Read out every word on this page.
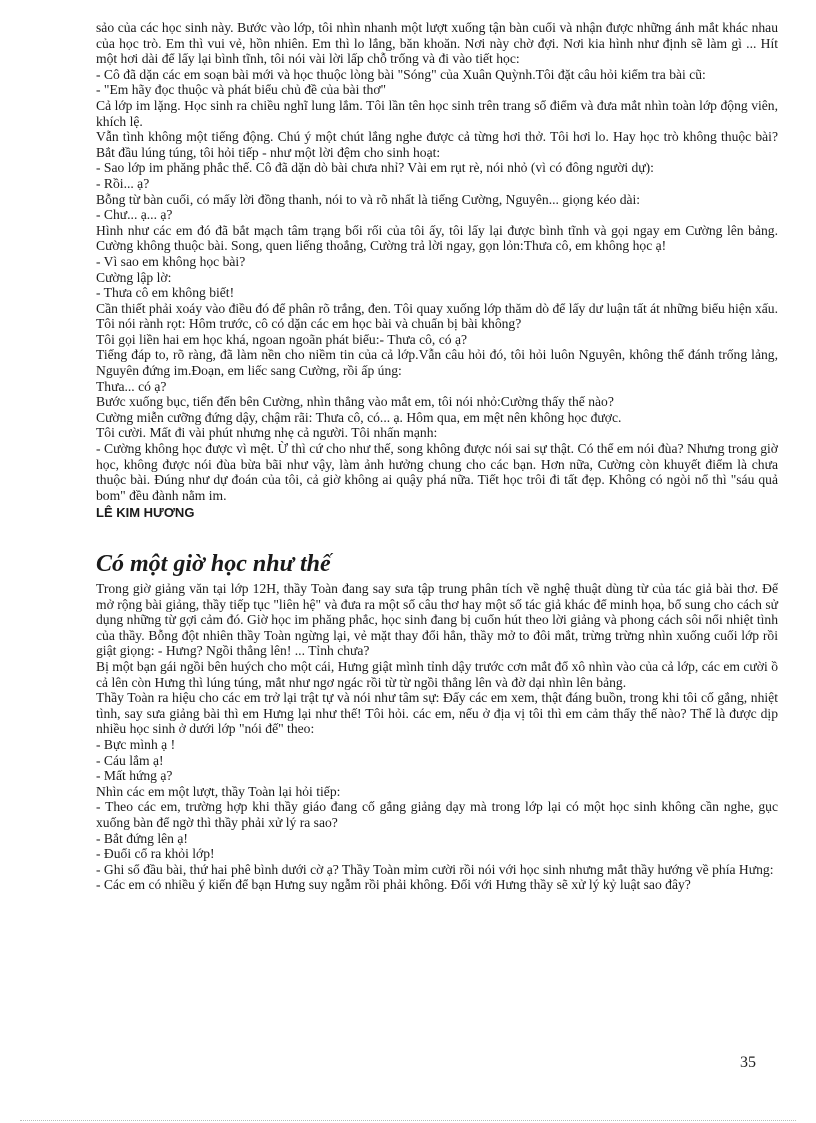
sảo của các học sinh này. Bước vào lớp, tôi nhìn nhanh một lượt xuống tận bàn cuối và nhận được những ánh mắt khác nhau của học trò. Em thì vui vẻ, hồn nhiên. Em thì lo lắng, băn khoăn. Nơi này chờ đợi. Nơi kia hình như định sẽ làm gì ... Hít một hơi dài để lấy lại bình tĩnh, tôi nói vài lời lấp chỗ trống và đi vào tiết học:

- Cô đã dặn các em soạn bài mới và học thuộc lòng bài "Sóng" của Xuân Quỳnh.Tôi đặt câu hỏi kiểm tra bài cũ:

- "Em hãy đọc thuộc và phát biểu chủ đề của bài thơ"

Cả lớp im lặng. Học sinh ra chiều nghĩ lung lắm. Tôi lần tên học sinh trên trang sổ điểm và đưa mắt nhìn toàn lớp động viên, khích lệ.

Vẫn tình không một tiếng động. Chú ý một chút lắng nghe được cả từng hơi thở. Tôi hơi lo. Hay học trò không thuộc bài? Bắt đầu lúng túng, tôi hỏi tiếp - như một lời đệm cho sinh hoạt:

- Sao lớp im phăng phắc thế. Cô đã dặn dò bài chưa nhỉ? Vài em rụt rè, nói nhỏ (vì có đông người dự):

- Rồi... ạ?

Bỗng từ bàn cuối, có mấy lời đồng thanh, nói to và rõ nhất là tiếng Cường, Nguyên... giọng kéo dài:

- Chư... ạ... ạ?

Hình như các em đó đã bắt mạch tâm trạng bối rối của tôi ấy, tôi lấy lại được bình tĩnh và gọi ngay em Cường lên bảng. Cường không thuộc bài. Song, quen liếng thoắng, Cường trả lời ngay, gọn lỏn:Thưa cô, em không học ạ!

- Vì sao em không học bài?

Cường lập lờ:

- Thưa cô em không biết!

Cần thiết phải xoáy vào điều đó để phân rõ trắng, đen. Tôi quay xuống lớp thăm dò để lấy dư luận tất át những biểu hiện xấu. Tôi nói rành rọt: Hôm trước, cô có dặn các em học bài và chuẩn bị bài không?

Tôi gọi liền hai em học khá, ngoan ngoãn phát biểu:- Thưa cô, có ạ?

Tiếng đáp to, rõ ràng, đã làm nền cho niềm tin của cả lớp.Vẫn câu hỏi đó, tôi hỏi luôn Nguyên, không thể đánh trống lảng, Nguyên đứng im.Đoạn, em liếc sang Cường, rồi ấp úng:

Thưa... có ạ?

Bước xuống bục, tiến đến bên Cường, nhìn thẳng vào mắt em, tôi nói nhỏ:Cường thấy thế nào?

Cường miễn cưỡng đứng dậy, chậm rãi: Thưa cô, có... ạ. Hôm qua, em mệt nên không học được.

Tôi cười. Mất đi vài phút nhưng nhẹ cả người. Tôi nhấn mạnh:

- Cường không học được vì mệt. Ừ thì cứ cho như thế, song không được nói sai sự thật. Có thể em nói đùa? Nhưng trong giờ học, không được nói đùa bừa bãi như vậy, làm ảnh hưởng chung cho các bạn. Hơn nữa, Cường còn khuyết điểm là chưa thuộc bài. Đúng như dự đoán của tôi, cả giờ không ai quậy phá nữa. Tiết học trôi đi tất đẹp. Không có ngòi nổ thì "sáu quả bom" đều đành nằm im.

LÊ KIM HƯƠNG

Có một giờ học như thế

Trong giờ giảng văn tại lớp 12H, thầy Toàn đang say sưa tập trung phân tích về nghệ thuật dùng từ của tác giả bài thơ. Để mở rộng bài giảng, thầy tiếp tục "liên hệ" và đưa ra một số câu thơ hay một số tác giả khác để minh họa, bổ sung cho cách sử dụng những từ gợi cảm đó. Giờ học im phăng phắc, học sinh đang bị cuốn hút theo lời giảng và phong cách sôi nổi nhiệt tình của thầy. Bỗng đột nhiên thầy Toàn ngừng lại, vẻ mặt thay đổi hẳn, thầy mở to đôi mắt, trừng trừng nhìn xuống cuối lớp rồi giật giọng: - Hưng? Ngồi thẳng lên! ... Tỉnh chưa?

Bị một bạn gái ngồi bên huých cho một cái, Hưng giật mình tỉnh dậy trước cơn mắt đổ xô nhìn vào của cả lớp, các em cười ồ cả lên còn Hưng thì lúng túng, mắt như ngơ ngác rồi từ từ ngồi thẳng lên và đờ dại nhìn lên bảng.

Thầy Toàn ra hiệu cho các em trở lại trật tự và nói như tâm sự: Đấy các em xem, thật đáng buồn, trong khi tôi cố gắng, nhiệt tình, say sưa giảng bài thì em Hưng lại như thế! Tôi hỏi. các em, nếu ở địa vị tôi thì em cảm thấy thế nào? Thế là được dịp nhiều học sinh ở dưới lớp "nói đế" theo:

- Bực mình ạ !

- Cáu lắm ạ!

- Mất hứng ạ?

Nhìn các em một lượt, thầy Toàn lại hỏi tiếp:

- Theo các em, trường hợp khi thầy giáo đang cố gắng giảng dạy mà trong lớp lại có một học sinh không cần nghe, gục xuống bàn để ngờ thì thầy phải xử lý ra sao?

- Bắt đứng lên ạ!

- Đuổi cổ ra khỏi lớp!

- Ghi sổ đầu bài, thứ hai phê bình dưới cờ ạ? Thầy Toàn mỉm cười rồi nói với học sinh nhưng mắt thầy hướng về phía Hưng:

- Các em có nhiều ý kiến để bạn Hưng suy ngẫm rồi phải không. Đối với Hưng thầy sẽ xử lý kỷ luật sao đây?

35
